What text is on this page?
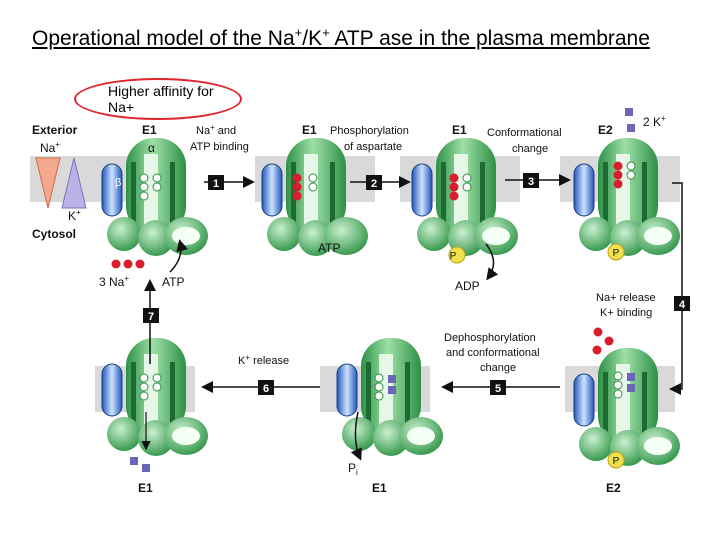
Operational model of the Na+/K+ ATP ase in the plasma membrane
Exterior
Na+
K+
Cytosol
E1
α
β
Na+ and
ATP binding
1
E1
ATP
Phosphorylation
of aspartate
2
E1
P
ADP
Conformational
change
3
E2
2 K+
P
4
Na+ release
K+ binding
P
E2
Dephosphorylation
and conformational
change
5
$P_i$
E1
K+ release
6
E1
7
3 Na+	ATP
Higher affinity for Na+
